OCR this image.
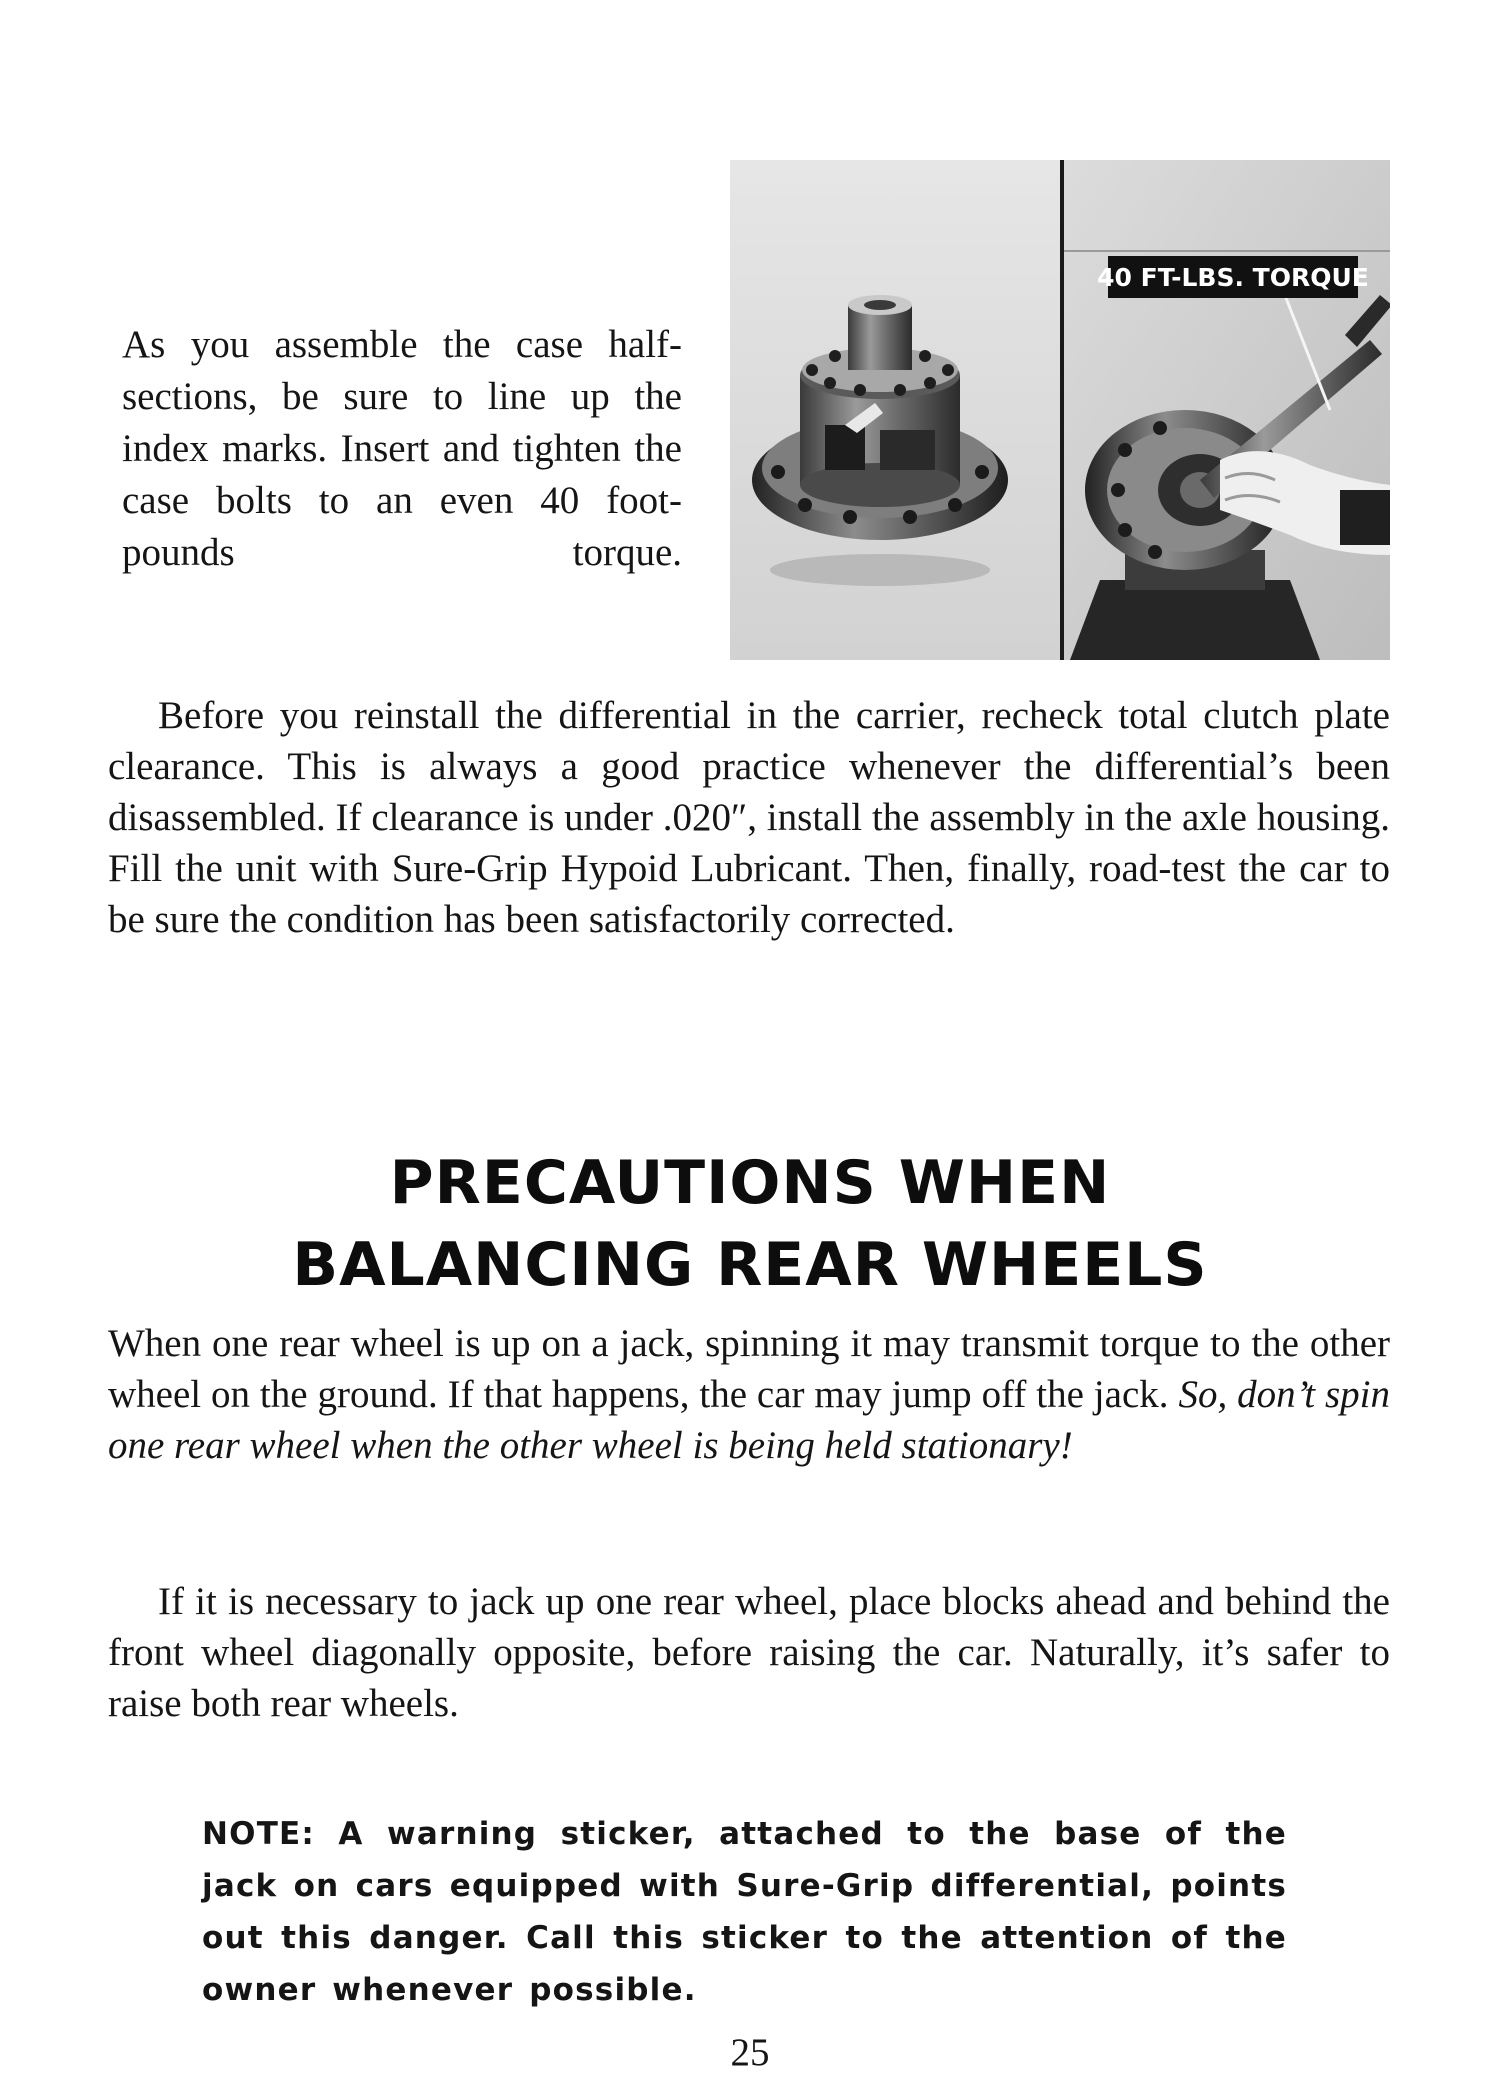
As you assemble the case half-sections, be sure to line up the index marks. Insert and tighten the case bolts to an even 40 foot-pounds torque.

40 FT-LBS. TORQUE

Before you reinstall the differential in the carrier, recheck total clutch plate clearance. This is always a good practice whenever the differential’s been disassembled. If clearance is under .020″, install the assembly in the axle housing. Fill the unit with Sure-Grip Hypoid Lubricant. Then, finally, road-test the car to be sure the condition has been satisfactorily corrected.

PRECAUTIONS WHEN
BALANCING REAR WHEELS

When one rear wheel is up on a jack, spinning it may transmit torque to the other wheel on the ground. If that happens, the car may jump off the jack. So, don’t spin one rear wheel when the other wheel is being held stationary!

If it is necessary to jack up one rear wheel, place blocks ahead and behind the front wheel diagonally opposite, before raising the car. Naturally, it’s safer to raise both rear wheels.

NOTE: A warning sticker, attached to the base of the jack on cars equipped with Sure-Grip differential, points out this danger. Call this sticker to the attention of the owner whenever possible.

25
